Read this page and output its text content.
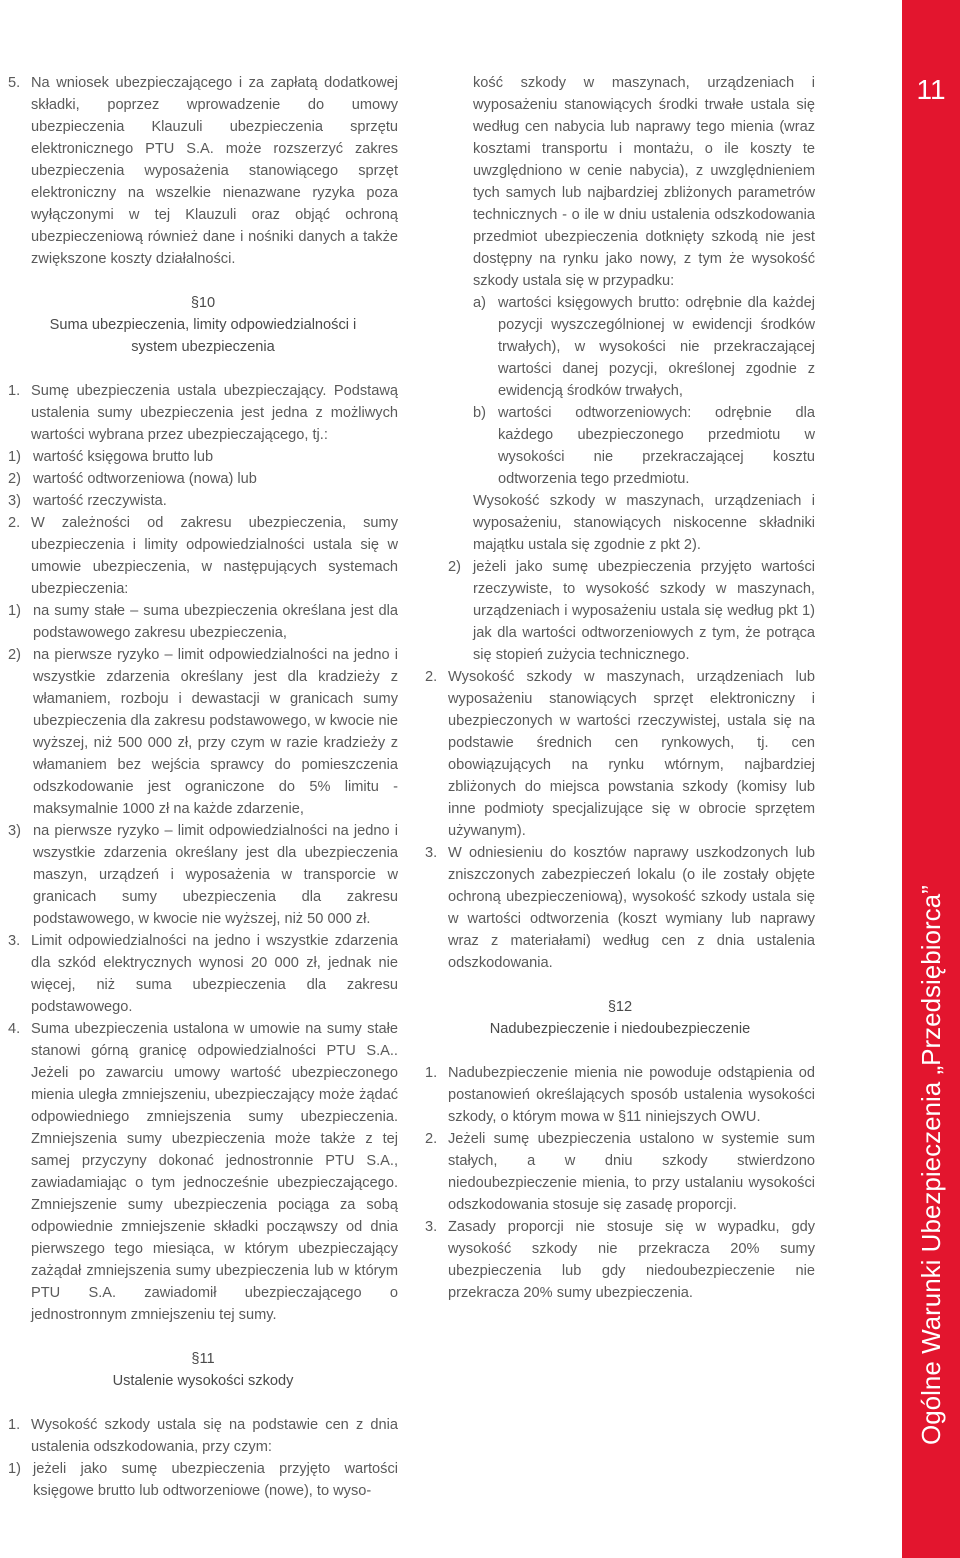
5. Na wniosek ubezpieczającego i za zapłatą dodatkowej składki, poprzez wprowadzenie do umowy ubezpieczenia Klauzuli ubezpieczenia sprzętu elektronicznego PTU S.A. może rozszerzyć zakres ubezpieczenia wyposażenia stanowiącego sprzęt elektroniczny na wszelkie nienazwane ryzyka poza wyłączonymi w tej Klauzuli oraz objąć ochroną ubezpieczeniową również dane i nośniki danych a także zwiększone koszty działalności.
§10
Suma ubezpieczenia, limity odpowiedzialności i system ubezpieczenia
1. Sumę ubezpieczenia ustala ubezpieczający. Podstawą ustalenia sumy ubezpieczenia jest jedna z możliwych wartości wybrana przez ubezpieczającego, tj.:
1) wartość księgowa brutto lub
2) wartość odtworzeniowa (nowa) lub
3) wartość rzeczywista.
2. W zależności od zakresu ubezpieczenia, sumy ubezpieczenia i limity odpowiedzialności ustala się w umowie ubezpieczenia, w następujących systemach ubezpieczenia:
1) na sumy stałe – suma ubezpieczenia określana jest dla podstawowego zakresu ubezpieczenia,
2) na pierwsze ryzyko – limit odpowiedzialności na jedno i wszystkie zdarzenia określany jest dla kradzieży z włamaniem, rozboju i dewastacji w granicach sumy ubezpieczenia dla zakresu podstawowego, w kwocie nie wyższej, niż 500 000 zł, przy czym w razie kradzieży z włamaniem bez wejścia sprawcy do pomieszczenia odszkodowanie jest ograniczone do 5% limitu - maksymalnie 1000 zł na każde zdarzenie,
3) na pierwsze ryzyko – limit odpowiedzialności na jedno i wszystkie zdarzenia określany jest dla ubezpieczenia maszyn, urządzeń i wyposażenia w transporcie w granicach sumy ubezpieczenia dla zakresu podstawowego, w kwocie nie wyższej, niż 50 000 zł.
3. Limit odpowiedzialności na jedno i wszystkie zdarzenia dla szkód elektrycznych wynosi 20 000 zł, jednak nie więcej, niż suma ubezpieczenia dla zakresu podstawowego.
4. Suma ubezpieczenia ustalona w umowie na sumy stałe stanowi górną granicę odpowiedzialności PTU S.A.. Jeżeli po zawarciu umowy wartość ubezpieczonego mienia uległa zmniejszeniu, ubezpieczający może żądać odpowiedniego zmniejszenia sumy ubezpieczenia. Zmniejszenia sumy ubezpieczenia może także z tej samej przyczyny dokonać jednostronnie PTU S.A., zawiadamiając o tym jednocześnie ubezpieczającego. Zmniejszenie sumy ubezpieczenia pociąga za sobą odpowiednie zmniejszenie składki począwszy od dnia pierwszego tego miesiąca, w którym ubezpieczający zażądał zmniejszenia sumy ubezpieczenia lub w którym PTU S.A. zawiadomił ubezpieczającego o jednostronnym zmniejszeniu tej sumy.
§11
Ustalenie wysokości szkody
1. Wysokość szkody ustala się na podstawie cen z dnia ustalenia odszkodowania, przy czym:
1) jeżeli jako sumę ubezpieczenia przyjęto wartości księgowe brutto lub odtworzeniowe (nowe), to wyso-

kość szkody w maszynach, urządzeniach i wyposażeniu stanowiących środki trwałe ustala się według cen nabycia lub naprawy tego mienia (wraz kosztami transportu i montażu, o ile koszty te uwzględniono w cenie nabycia), z uwzględnieniem tych samych lub najbardziej zbliżonych parametrów technicznych - o ile w dniu ustalenia odszkodowania przedmiot ubezpieczenia dotknięty szkodą nie jest dostępny na rynku jako nowy, z tym że wysokość szkody ustala się w przypadku:

a) wartości księgowych brutto: odrębnie dla każdej pozycji wyszczególnionej w ewidencji środków trwałych), w wysokości nie przekraczającej wartości danej pozycji, określonej zgodnie z ewidencją środków trwałych,
b) wartości odtworzeniowych: odrębnie dla każdego ubezpieczonego przedmiotu w wysokości nie przekraczającej kosztu odtworzenia tego przedmiotu.

Wysokość szkody w maszynach, urządzeniach i wyposażeniu, stanowiących niskocenne składniki majątku ustala się zgodnie z pkt 2).

2) jeżeli jako sumę ubezpieczenia przyjęto wartości rzeczywiste, to wysokość szkody w maszynach, urządzeniach i wyposażeniu ustala się według pkt 1) jak dla wartości odtworzeniowych z tym, że potrąca się stopień zużycia technicznego.
2. Wysokość szkody w maszynach, urządzeniach lub wyposażeniu stanowiących sprzęt elektroniczny i ubezpieczonych w wartości rzeczywistej, ustala się na podstawie średnich cen rynkowych, tj. cen obowiązujących na rynku wtórnym, najbardziej zbliżonych do miejsca powstania szkody (komisy lub inne podmioty specjalizujące się w obrocie sprzętem używanym).
3. W odniesieniu do kosztów naprawy uszkodzonych lub zniszczonych zabezpieczeń lokalu (o ile zostały objęte ochroną ubezpieczeniową), wysokość szkody ustala się w wartości odtworzenia (koszt wymiany lub naprawy wraz z materiałami) według cen z dnia ustalenia odszkodowania.
§12
Nadubezpieczenie i niedoubezpieczenie
1. Nadubezpieczenie mienia nie powoduje odstąpienia od postanowień określających sposób ustalenia wysokości szkody, o którym mowa w §11 niniejszych OWU.
2. Jeżeli sumę ubezpieczenia ustalono w systemie sum stałych, a w dniu szkody stwierdzono niedoubezpieczenie mienia, to przy ustalaniu wysokości odszkodowania stosuje się zasadę proporcji.
3. Zasady proporcji nie stosuje się w wypadku, gdy wysokość szkody nie przekracza 20% sumy ubezpieczenia lub gdy niedoubezpieczenie nie przekracza 20% sumy ubezpieczenia.
11
Ogólne Warunki Ubezpieczenia „Przedsiębiorca”
